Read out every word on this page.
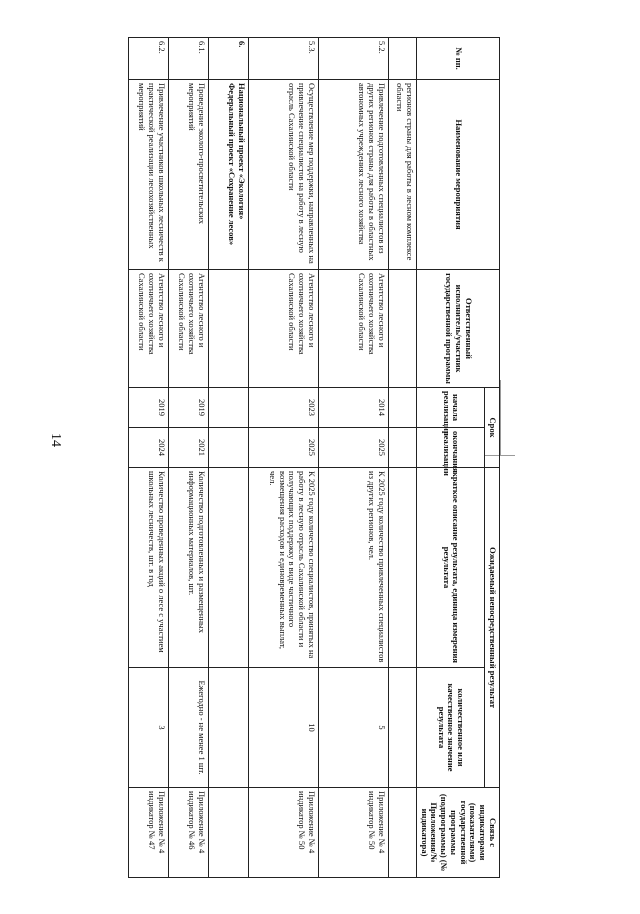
14
№ пп.	Наименование мероприятия	Ответственный исполнитель/участник государственной программы	Срок		Ожидаемый непосредственный результат		Связь с индикаторами (показателями) государственной программы (подпрограммы) (№ Приложения/№ индикатора)
			начала реализации	окончания реализации	краткое описание результата, единица измерения результата	количественное или качественное значение результата	

	регионов страны для работы в лесном комплексе области						
5.2.	Привлечение подготовленных специалистов из других регионов страны для работы в областных автономных учреждениях лесного хозяйства	Агентство лесного и охотничьего хозяйства Сахалинской области	2014	2025	К 2025 году количество привлеченных специалистов из других регионов, чел.	5	Приложение № 4 индикатор № 50
5.3.	Осуществление мер поддержки, направленных на привлечение специалистов на работу в лесную отрасль Сахалинской области	Агентство лесного и охотничьего хозяйства Сахалинской области	2023	2025	К 2025 году количество специалистов, принятых на работу в лесную отрасль Сахалинской области и получающих поддержку в виде частичного возмещения расходов и единовременных выплат, чел.	10	Приложение № 4 индикатор № 50
6.	Национальный проект «Экология» Федеральный проект «Сохранение лесов»						
6.1.	Проведение эколого-просветительских мероприятий	Агентство лесного и охотничьего хозяйства Сахалинской области	2019	2021	Количество подготовленных и размещенных информационных материалов, шт.	Ежегодно - не менее 1 шт.	Приложение № 4 индикатор № 46
6.2.	Привлечение участников школьных лесничеств к практической реализации лесохозяйственных мероприятий	Агентство лесного и охотничьего хозяйства Сахалинской области	2019	2024	Количество проведенных акций о лесе с участием школьных лесничеств, шт. в год	3	Приложение № 4 индикатор № 47
